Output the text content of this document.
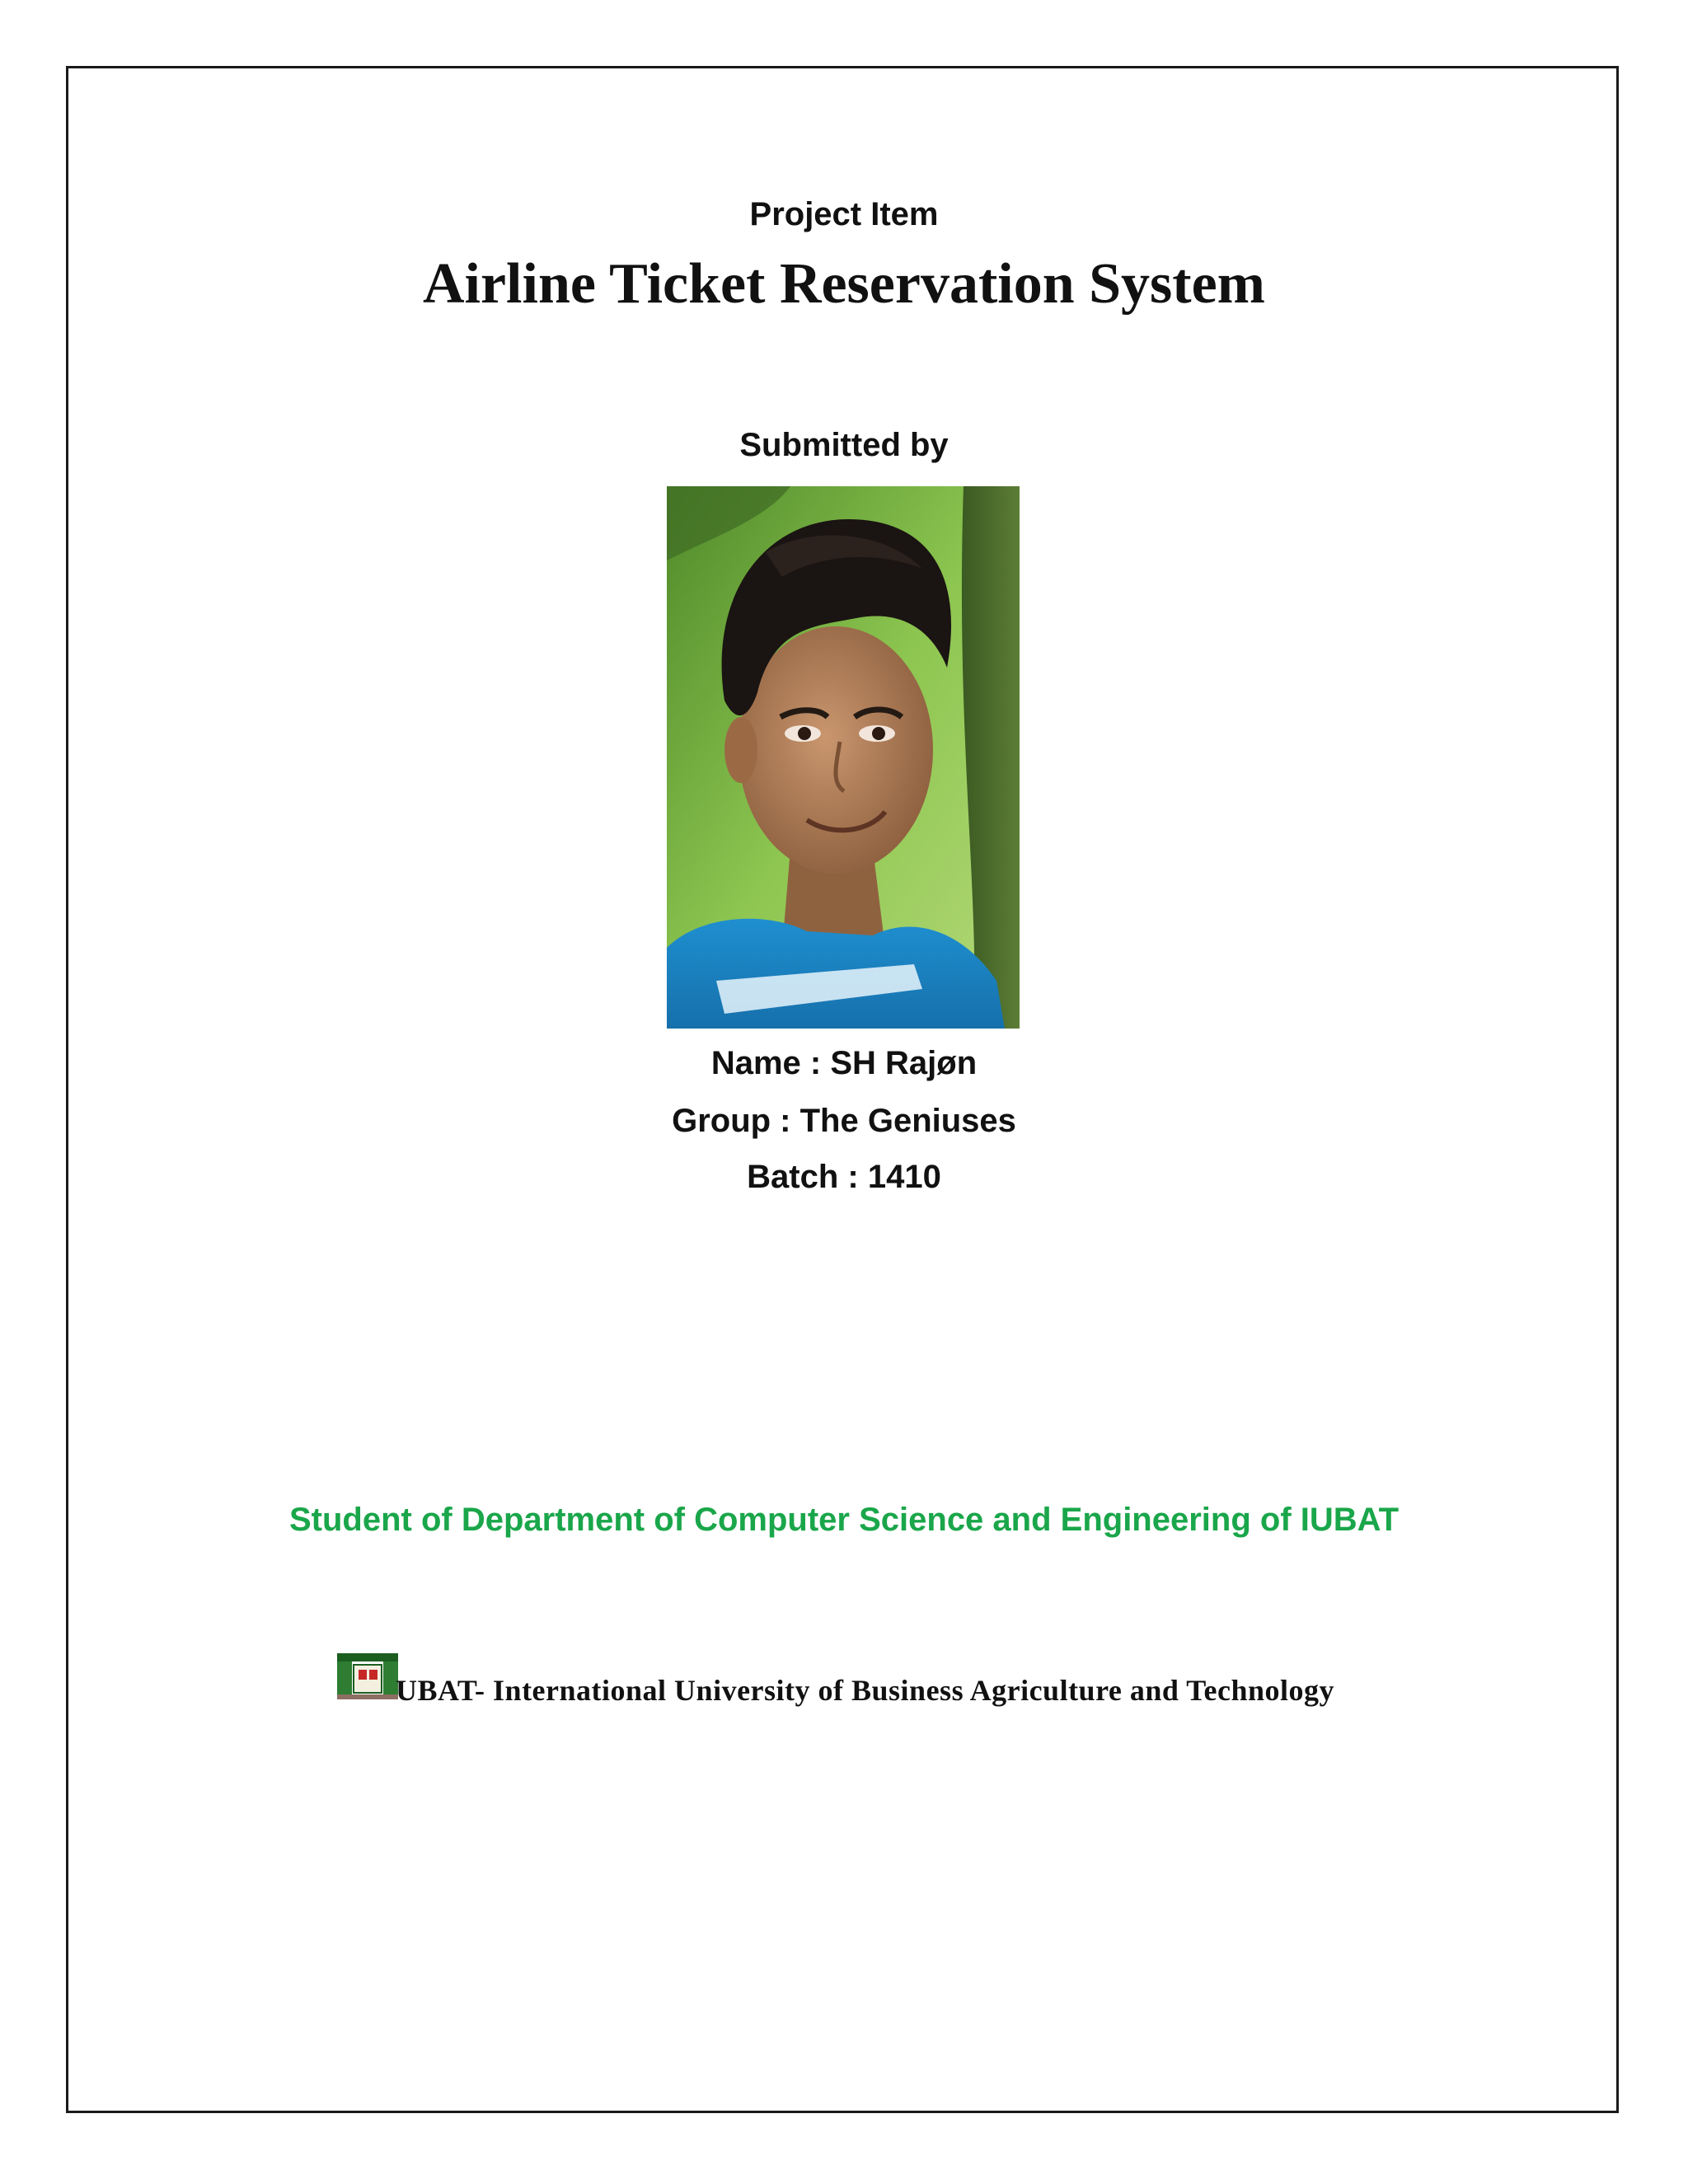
Project Item

Airline Ticket Reservation System

Submitted by

Name : SH Rajøn

Group : The Geniuses

Batch : 1410

Student of Department of Computer Science and Engineering of IUBAT

UBAT- International University of Business Agriculture and Technology
